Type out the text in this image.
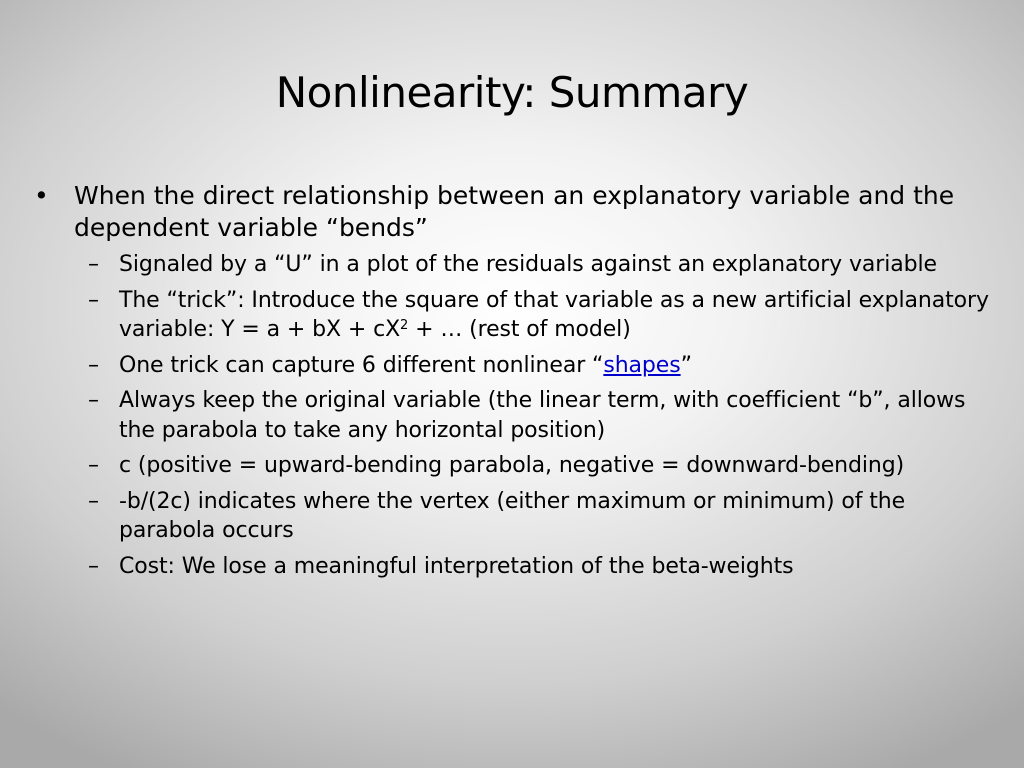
Nonlinearity: Summary
• When the direct relationship between an explanatory variable and the dependent variable “bends”
– Signaled by a “U” in a plot of the residuals against an explanatory variable
– The “trick”: Introduce the square of that variable as a new artificial explanatory variable: Y = a + bX + $cX^2$ + … (rest of model)
– One trick can capture 6 different nonlinear “shapes”
– Always keep the original variable (the linear term, with coefficient “b”, allows the parabola to take any horizontal position)
– c (positive = upward-bending parabola, negative = downward-bending)
– -b/(2c) indicates where the vertex (either maximum or minimum) of the parabola occurs
– Cost: We lose a meaningful interpretation of the beta-weights
